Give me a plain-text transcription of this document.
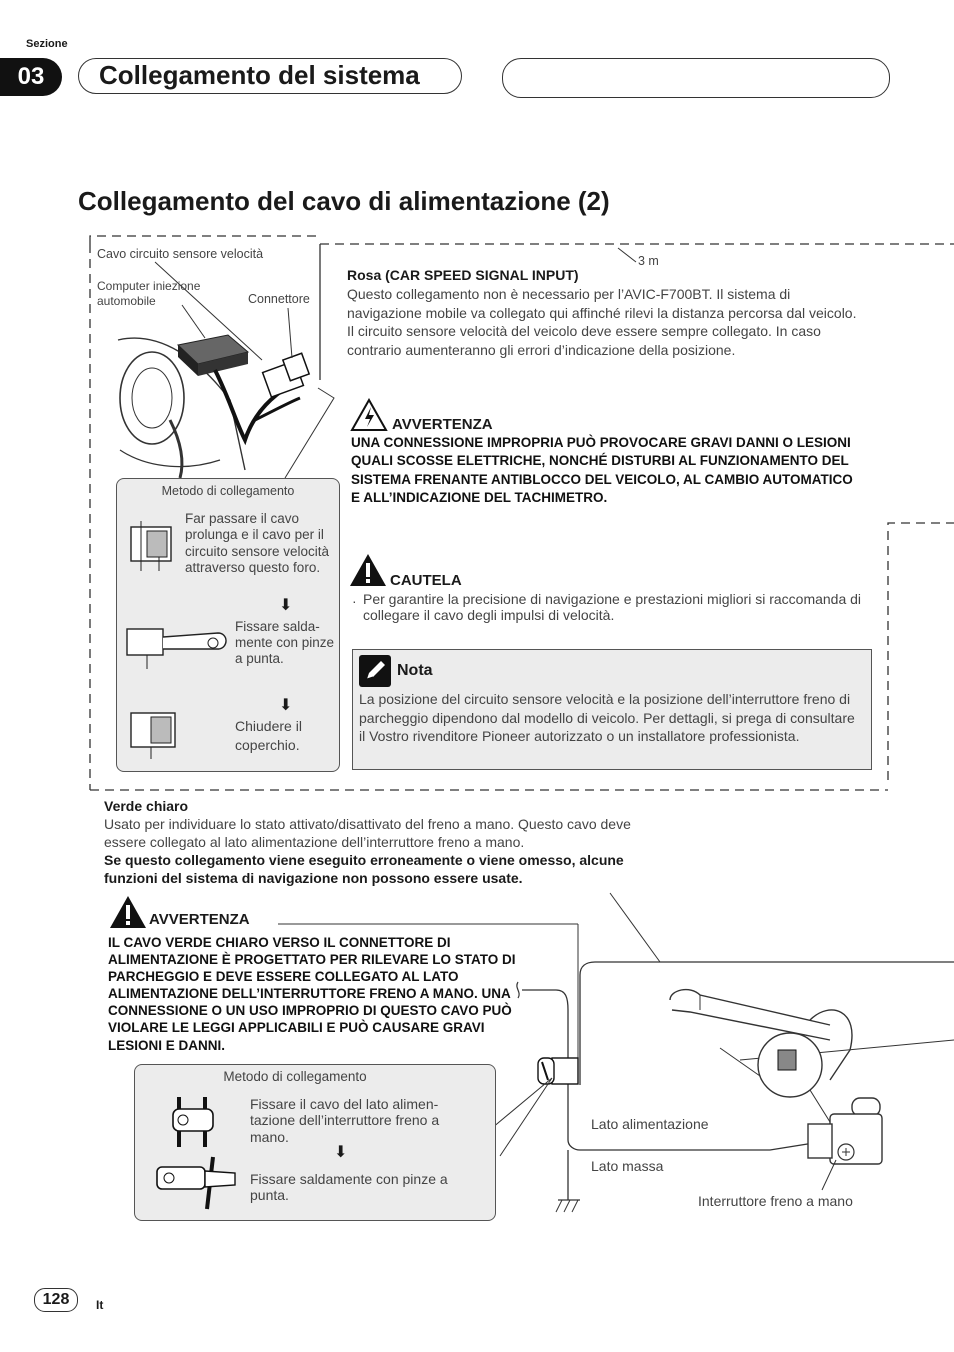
Sezione
03	Collegamento del sistema
Collegamento del cavo di alimentazione (2)
Cavo circuito sensore velocità
Computer iniezione automobile	Connettore
3 m
Metodo di collegamento
Far passare il cavo prolunga e il cavo per il circuito sensore velocità attraverso questo foro.
⬇
Fissare salda-mente con pinze a punta.
⬇
Chiudere il coperchio.
Rosa (CAR SPEED SIGNAL INPUT)
Questo collegamento non è necessario per l’AVIC-F700BT. Il sistema di navigazione mobile va collegato qui affinché rilevi la distanza percorsa dal veicolo. Il circuito sensore velocità del veicolo deve essere sempre collegato. In caso contrario aumenteranno gli errori d’indicazione della posizione.
AVVERTENZA
UNA CONNESSIONE IMPROPRIA PUÒ PROVOCARE GRAVI DANNI O LESIONI QUALI SCOSSE ELETTRICHE, NONCHÉ DISTURBI AL FUNZIONAMENTO DEL SISTEMA FRENANTE ANTIBLOCCO DEL VEICOLO, AL CAMBIO AUTOMATICO E ALL’INDICAZIONE DEL TACHIMETRO.
CAUTELA
· Per garantire la precisione di navigazione e prestazioni migliori si raccomanda di collegare il cavo degli impulsi di velocità.
Nota
La posizione del circuito sensore velocità e la posizione dell’interruttore freno di parcheggio dipendono dal modello di veicolo. Per dettagli, si prega di consultare il Vostro rivenditore Pioneer autorizzato o un installatore professionista.
Verde chiaro
Usato per individuare lo stato attivato/disattivato del freno a mano. Questo cavo deve essere collegato al lato alimentazione dell’interruttore freno a mano.
Se questo collegamento viene eseguito erroneamente o viene omesso, alcune funzioni del sistema di navigazione non possono essere usate.
AVVERTENZA
IL CAVO VERDE CHIARO VERSO IL CONNETTORE DI ALIMENTAZIONE È PROGETTATO PER RILEVARE LO STATO DI PARCHEGGIO E DEVE ESSERE COLLEGATO AL LATO ALIMENTAZIONE DELL’INTERRUTTORE FRENO A MANO. UNA CONNESSIONE O UN USO IMPROPRIO DI QUESTO CAVO PUÒ VIOLARE LE LEGGI APPLICABILI E PUÒ CAUSARE GRAVI LESIONI E DANNI.
Metodo di collegamento
Fissare il cavo del lato alimen-tazione dell’interruttore freno a mano.
⬇
Fissare saldamente con pinze a punta.
Lato alimentazione
Lato massa
Interruttore freno a mano
128	It
